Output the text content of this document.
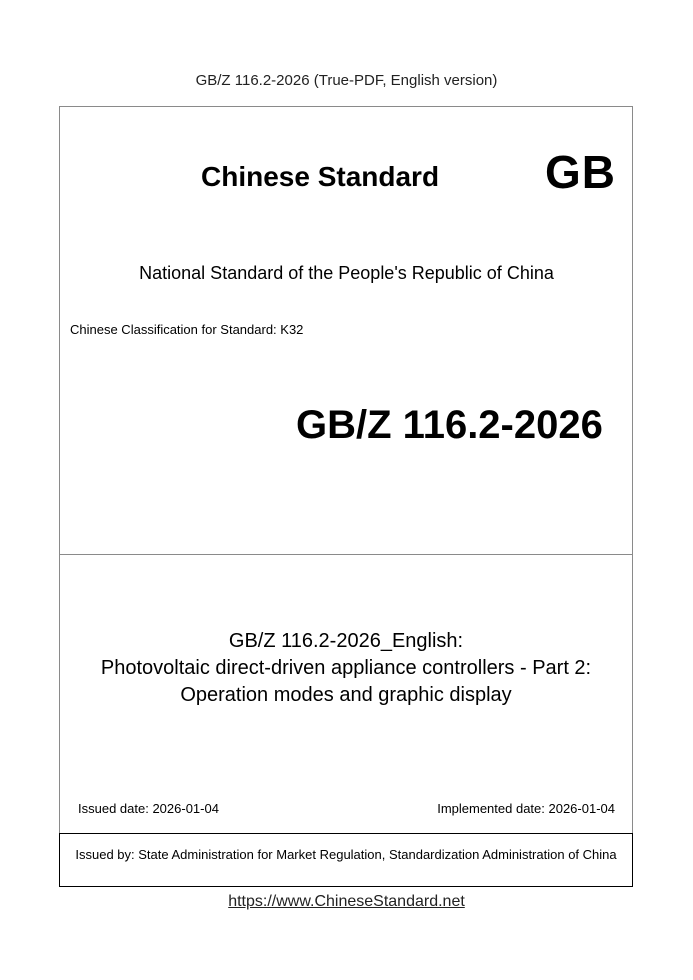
GB/Z 116.2-2026 (True-PDF, English version)
Chinese Standard GB
National Standard of the People's Republic of China
Chinese Classification for Standard: K32
GB/Z 116.2-2026
GB/Z 116.2-2026_English:
Photovoltaic direct-driven appliance controllers - Part 2:
Operation modes and graphic display
Issued date: 2026-01-04	Implemented date: 2026-01-04
Issued by: State Administration for Market Regulation, Standardization Administration of China
https://www.ChineseStandard.net
